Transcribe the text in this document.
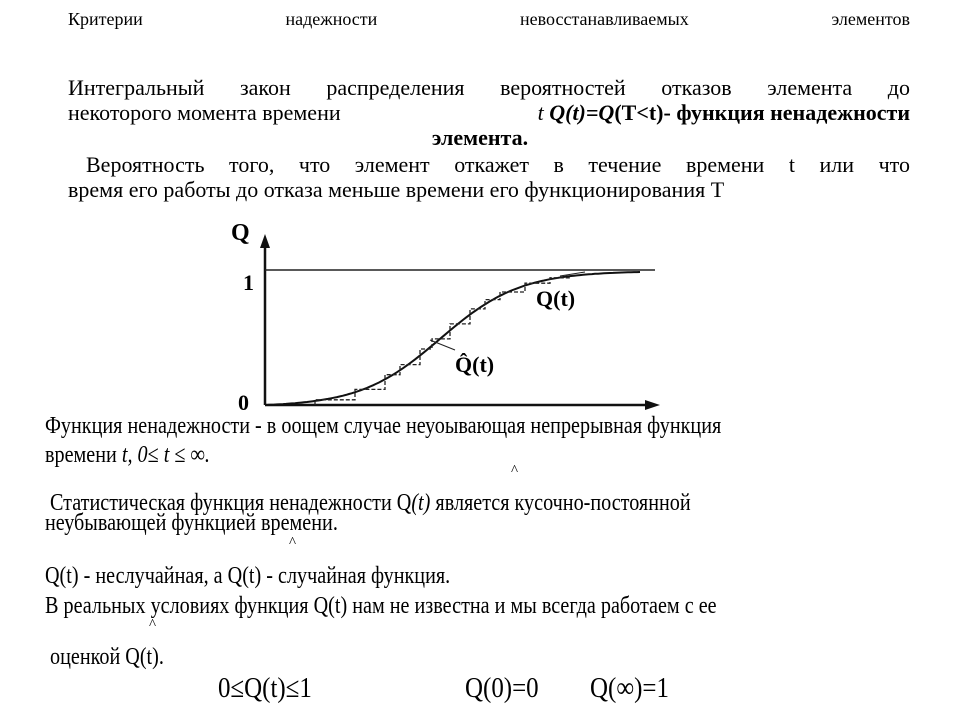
Критерии	надежности	невосстанавливаемых	элементов
Интегральный закон распределения вероятностей отказов элемента до
некоторого момента времени	t Q(t)=Q(T<t)- функция ненадежности
элемента.
Вероятность того, что элемент откажет в течение времени t или что
время его работы до отказа меньше времени его функционирования T
Q
1
0
Q(t)
Q̂(t)
Функция ненадежности - в оощем случае неуоывающая непрерывная функция
времени t, 0≤ t ≤ ∞.
^
Статистическая функция ненадежности Q(t) является кусочно-постоянной
неубывающей функцией времени.
^
Q(t) - неслучайная, а Q(t) - случайная функция.
В реальных условиях функция Q(t) нам не известна и мы всегда работаем с ее
^
оценкой Q(t).
0≤Q(t)≤1	Q(0)=0 Q(∞)=1
